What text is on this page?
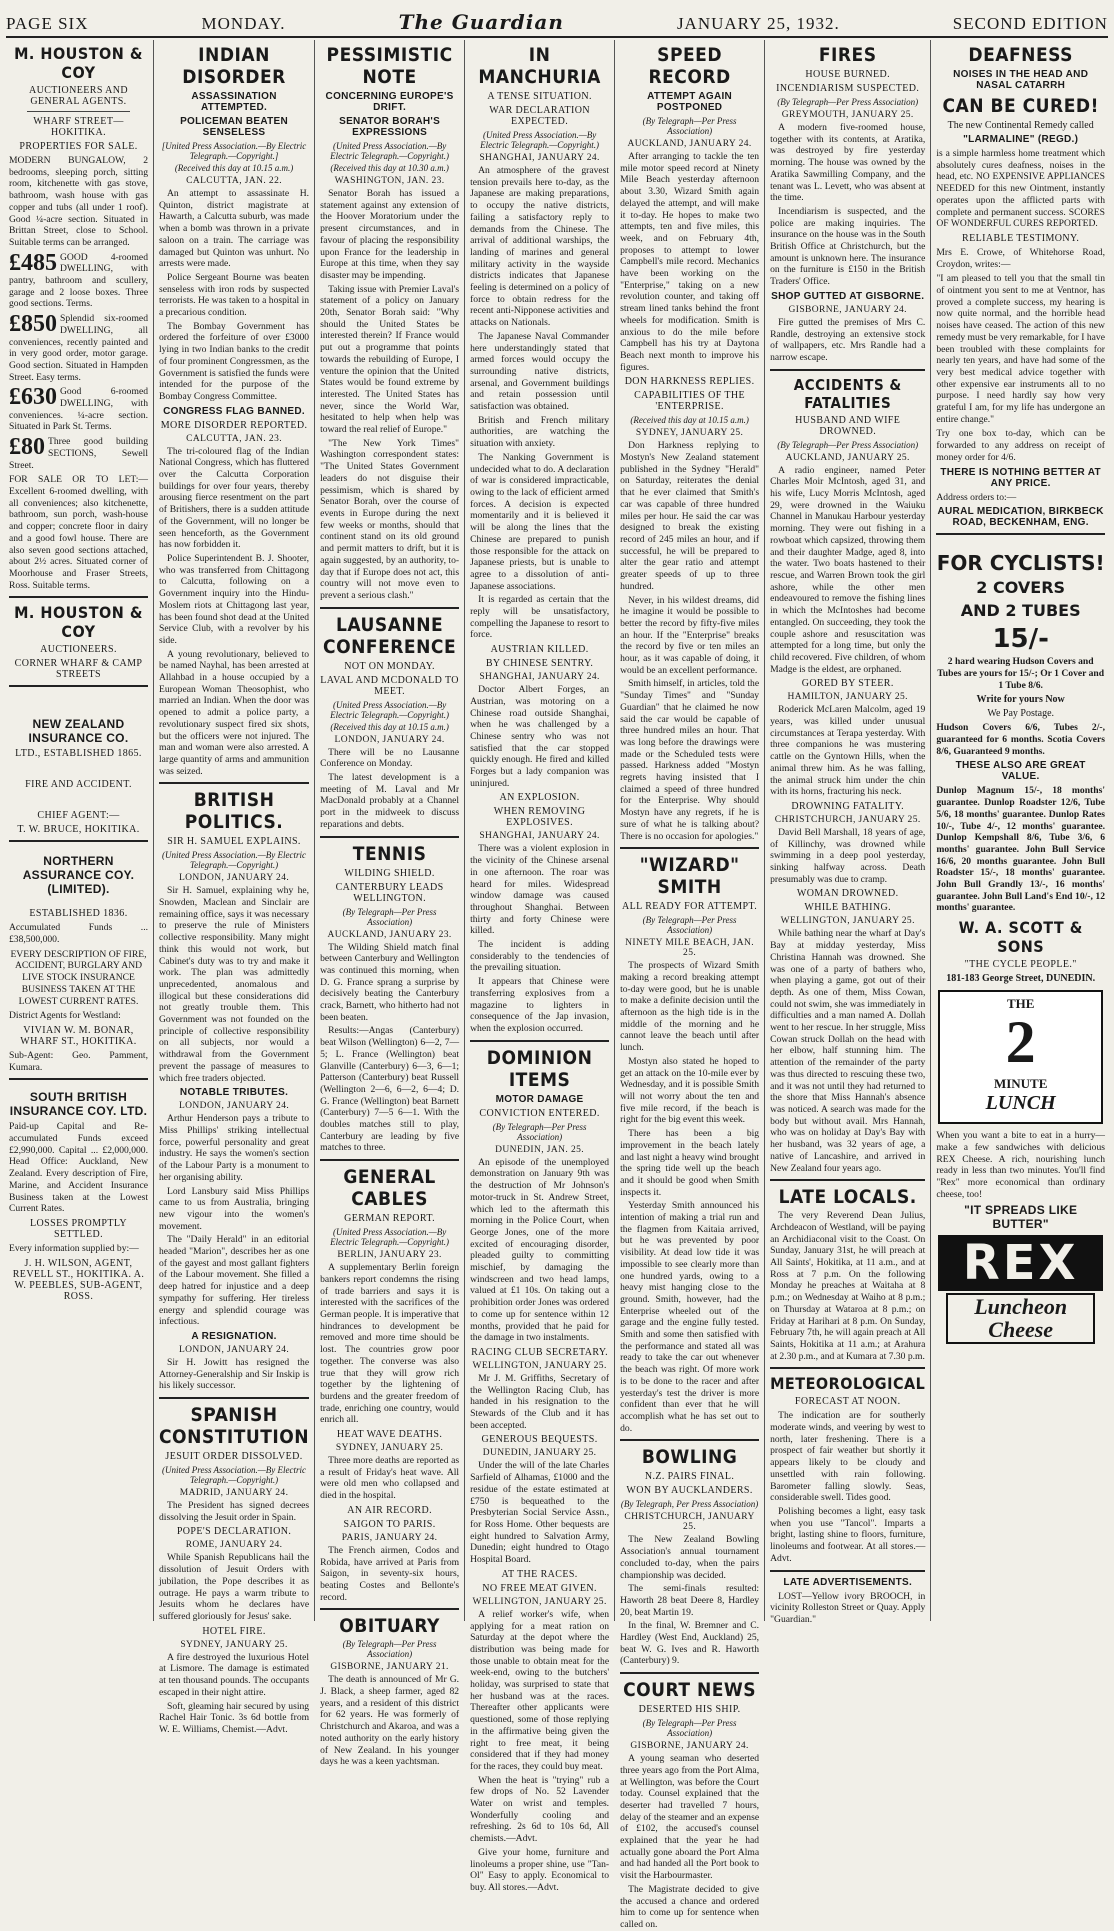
PAGE SIX	MONDAY.	The Guardian	JANUARY 25, 1932.	SECOND EDITION
M. HOUSTON & COY
AUCTIONEERS AND GENERAL AGENTS.
WHARF STREET—HOKITIKA.
PROPERTIES FOR SALE.
MODERN BUNGALOW, 2 bedrooms, sleeping porch, sitting room, kitchenette with gas stove, bathroom, wash house with gas copper and tubs (all under 1 roof). Good ¼-acre section. Situated in Brittan Street, close to School. Suitable terms can be arranged.
£485 GOOD 4-roomed DWELLING, with pantry, bathroom and scullery, garage and 2 loose boxes. Three good sections. Terms.
£850 Splendid six-roomed DWELLING, all conveniences, recently painted and in very good order, motor garage. Good section. Situated in Hampden Street. Easy terms.
£630 Good 6-roomed DWELLING, with conveniences. ¼-acre section. Situated in Park St. Terms.
£80 Three good building SECTIONS, Sewell Street.
FOR SALE OR TO LET:—Excellent 6-roomed dwelling, with all conveniences; also kitchenette, bathroom, sun porch, wash-house and copper; concrete floor in dairy and a good fowl house. There are also seven good sections attached, about 2½ acres. Situated corner of Moorhouse and Fraser Streets, Ross. Suitable terms.
M. HOUSTON & COY
AUCTIONEERS.
CORNER WHARF & CAMP STREETS
NEW ZEALAND INSURANCE CO.
LTD., ESTABLISHED 1865.
FIRE AND ACCIDENT.
CHIEF AGENT:—
T. W. BRUCE, HOKITIKA.
NORTHERN ASSURANCE COY. (LIMITED).
ESTABLISHED 1836.
Accumulated Funds ... £38,500,000.
EVERY DESCRIPTION OF FIRE, ACCIDENT, BURGLARY AND LIVE STOCK INSURANCE BUSINESS TAKEN AT THE LOWEST CURRENT RATES.
District Agents for Westland:
VIVIAN W. M. BONAR, WHARF ST., HOKITIKA.
Sub-Agent: Geo. Pamment, Kumara.
SOUTH BRITISH INSURANCE COY. LTD.
Paid-up Capital and Re-accumulated Funds exceed £2,990,000. Capital ... £2,000,000. Head Office: Auckland, New Zealand. Every description of Fire, Marine, and Accident Insurance Business taken at the Lowest Current Rates.
LOSSES PROMPTLY SETTLED.
Every information supplied by:—
J. H. WILSON, AGENT, REVELL ST., HOKITIKA. A. W. PEEBLES, SUB-AGENT, ROSS.
INDIAN DISORDER
ASSASSINATION ATTEMPTED.
POLICEMAN BEATEN SENSELESS
[United Press Association.—By Electric Telegraph.—Copyright.]
(Received this day at 10.15 a.m.)
CALCUTTA, JAN. 22.

An attempt to assassinate H. Quinton, district magistrate at Hawarth, a Calcutta suburb, was made when a bomb was thrown in a private saloon on a train. The carriage was damaged but Quinton was unhurt. No arrests were made.

Police Sergeant Bourne was beaten senseless with iron rods by suspected terrorists. He was taken to a hospital in a precarious condition.

The Bombay Government has ordered the forfeiture of over £3000 lying in two Indian banks to the credit of four prominent Congressmen, as the Government is satisfied the funds were intended for the purpose of the Bombay Congress Committee.

CONGRESS FLAG BANNED.
MORE DISORDER REPORTED.
CALCUTTA, JAN. 23.

The tri-coloured flag of the Indian National Congress, which has fluttered over the Calcutta Corporation buildings for over four years, thereby arousing fierce resentment on the part of Britishers, there is a sudden attitude of the Government, will no longer be seen henceforth, as the Government has now forbidden it.

Police Superintendent B. J. Shooter, who was transferred from Chittagong to Calcutta, following on a Government inquiry into the Hindu-Moslem riots at Chittagong last year, has been found shot dead at the United Service Club, with a revolver by his side.

A young revolutionary, believed to be named Nayhal, has been arrested at Allahbad in a house occupied by a European Woman Theosophist, who married an Indian. When the door was opened to admit a police party, a revolutionary suspect fired six shots, but the officers were not injured. The man and woman were also arrested. A large quantity of arms and ammunition was seized.

BRITISH POLITICS.
SIR H. SAMUEL EXPLAINS.
(United Press Association.—By Electric Telegraph.—Copyright.)
LONDON, JANUARY 24.

Sir H. Samuel, explaining why he, Snowden, Maclean and Sinclair are remaining office, says it was necessary to preserve the rule of Ministers collective responsibility. Many might think this would not work, but Cabinet's duty was to try and make it work. The plan was admittedly unprecedented, anomalous and illogical but these considerations did not greatly trouble them. This Government was not founded on the principle of collective responsibility on all subjects, nor would a withdrawal from the Government prevent the passage of measures to which free traders objected.

NOTABLE TRIBUTES.
LONDON, JANUARY 24.

Arthur Henderson pays a tribute to Miss Phillips' striking intellectual force, powerful personality and great industry. He says the women's section of the Labour Party is a monument to her organising ability.

Lord Lansbury said Miss Phillips came to us from Australia, bringing new vigour into the women's movement.

The "Daily Herald" in an editorial headed "Marion", describes her as one of the gayest and most gallant fighters of the Labour movement. She filled a deep hatred for injustice and a deep sympathy for suffering. Her tireless energy and splendid courage was infectious.

A RESIGNATION.
LONDON, JANUARY 24.

Sir H. Jowitt has resigned the Attorney-Generalship and Sir Inskip is his likely successor.

SPANISH CONSTITUTION
JESUIT ORDER DISSOLVED.
(United Press Association.—By Electric Telegraph.—Copyright.)
MADRID, JANUARY 24.

The President has signed decrees dissolving the Jesuit order in Spain.

POPE'S DECLARATION.
ROME, JANUARY 24.

While Spanish Republicans hail the dissolution of Jesuit Orders with jubilation, the Pope describes it as outrage. He pays a warm tribute to Jesuits whom he declares have suffered gloriously for Jesus' sake.

HOTEL FIRE.
SYDNEY, JANUARY 25.

A fire destroyed the luxurious Hotel at Lismore. The damage is estimated at ten thousand pounds. The occupants escaped in their night attire.

Soft, gleaming hair secured by using Rachel Hair Tonic. 3s 6d bottle from W. E. Williams, Chemist.—Advt.

PESSIMISTIC NOTE
CONCERNING EUROPE'S DRIFT.
SENATOR BORAH'S EXPRESSIONS
(United Press Association.—By Electric Telegraph.—Copyright.)
(Received this day at 10.30 a.m.)
WASHINGTON, JAN. 23.

Senator Borah has issued a statement against any extension of the Hoover Moratorium under the present circumstances, and in favour of placing the responsibility upon France for the leadership in Europe at this time, when they say disaster may be impending.

Taking issue with Premier Laval's statement of a policy on January 20th, Senator Borah said: "Why should the United States be interested therein? If France would put out a programme that points towards the rebuilding of Europe, I venture the opinion that the United States would be found extreme by interested. The United States has never, since the World War, hesitated to help when help was toward the real relief of Europe."

"The New York Times" Washington correspondent states: "The United States Government leaders do not disguise their pessimism, which is shared by Senator Borah, over the course of events in Europe during the next few weeks or months, should that continent stand on its old ground and permit matters to drift, but it is again suggested, by an authority, to-day that if Europe does not act, this country will not move even to prevent a serious clash."

LAUSANNE CONFERENCE
NOT ON MONDAY.
LAVAL AND MCDONALD TO MEET.
(United Press Association.—By Electric Telegraph.—Copyright.)
(Received this day at 10.15 a.m.)
LONDON, JANUARY 24.

There will be no Lausanne Conference on Monday.

The latest development is a meeting of M. Laval and Mr MacDonald probably at a Channel port in the midweek to discuss reparations and debts.

TENNIS
WILDING SHIELD.
CANTERBURY LEADS WELLINGTON.
(By Telegraph—Per Press Association)
AUCKLAND, JANUARY 23.

The Wilding Shield match final between Canterbury and Wellington was continued this morning, when D. G. France sprang a surprise by decisively beating the Canterbury crack, Barnett, who hitherto had not been beaten.

Results:—Angas (Canterbury) beat Wilson (Wellington) 6—2, 7—5; L. France (Wellington) beat Glanville (Canterbury) 6—3, 6—1; Patterson (Canterbury) beat Russell (Wellington 2—6, 6—2, 6—4; D. G. France (Wellington) beat Barnett (Canterbury) 7—5 6—1. With the doubles matches still to play, Canterbury are leading by five matches to three.

GENERAL CABLES
GERMAN REPORT.
(United Press Association.—By Electric Telegraph.—Copyright.)
BERLIN, JANUARY 23.

A supplementary Berlin foreign bankers report condemns the rising of trade barriers and says it is interested with the sacrifices of the German people. It is imperative that hindrances to development be removed and more time should be lost. The countries grow poor together. The converse was also true that they will grow rich together by the lightening of burdens and the greater freedom of trade, enriching one country, would enrich all.

HEAT WAVE DEATHS.
SYDNEY, JANUARY 25.

Three more deaths are reported as a result of Friday's heat wave. All were old men who collapsed and died in the hospital.

AN AIR RECORD.
SAIGON TO PARIS.
PARIS, JANUARY 24.

The French airmen, Codos and Robida, have arrived at Paris from Saigon, in seventy-six hours, beating Costes and Bellonte's record.

OBITUARY
(By Telegraph—Per Press Association)
GISBORNE, JANUARY 21.

The death is announced of Mr G. J. Black, a sheep farmer, aged 82 years, and a resident of this district for 62 years. He was formerly of Christchurch and Akaroa, and was a noted authority on the early history of New Zealand. In his younger days he was a keen yachtsman.

IN MANCHURIA
A TENSE SITUATION.
WAR DECLARATION EXPECTED.
(United Press Association.—By Electric Telegraph.—Copyright.)
SHANGHAI, JANUARY 24.

An atmosphere of the gravest tension prevails here to-day, as the Japanese are making preparations, to occupy the native districts, failing a satisfactory reply to demands from the Chinese. The arrival of additional warships, the landing of marines and general military activity in the wayside districts indicates that Japanese feeling is determined on a policy of force to obtain redress for the recent anti-Nipponese activities and attacks on Nationals.

The Japanese Naval Commander here understandingly stated that armed forces would occupy the surrounding native districts, arsenal, and Government buildings and retain possession until satisfaction was obtained.

British and French military authorities, are watching the situation with anxiety.

The Nanking Government is undecided what to do. A declaration of war is considered impracticable, owing to the lack of efficient armed forces. A decision is expected momentarily and it is believed it will be along the lines that the Chinese are prepared to punish those responsible for the attack on Japanese priests, but is unable to agree to a dissolution of anti-Japanese associations.

It is regarded as certain that the reply will be unsatisfactory, compelling the Japanese to resort to force.

AUSTRIAN KILLED.
BY CHINESE SENTRY.
SHANGHAI, JANUARY 24.

Doctor Albert Forges, an Austrian, was motoring on a Chinese road outside Shanghai, when he was challenged by a Chinese sentry who was not satisfied that the car stopped quickly enough. He fired and killed Forges but a lady companion was uninjured.

AN EXPLOSION.
WHEN REMOVING EXPLOSIVES.
SHANGHAI, JANUARY 24.

There was a violent explosion in the vicinity of the Chinese arsenal in one afternoon. The roar was heard for miles. Widespread window damage was caused throughout Shanghai. Between thirty and forty Chinese were killed.

The incident is adding considerably to the tendencies of the prevailing situation.

It appears that Chinese were transferring explosives from a magazine to lighters in consequence of the Jap invasion, when the explosion occurred.

DOMINION ITEMS
MOTOR DAMAGE
CONVICTION ENTERED.
(By Telegraph—Per Press Association)
DUNEDIN, JAN. 25.

An episode of the unemployed demonstration on January 9th was the destruction of Mr Johnson's motor-truck in St. Andrew Street, which led to the aftermath this morning in the Police Court, when George Jones, one of the more excited of encouraging disorder, pleaded guilty to committing mischief, by damaging the windscreen and two head lamps, valued at £1 10s. On taking out a prohibition order Jones was ordered to come up for sentence within 12 months, provided that he paid for the damage in two instalments.

RACING CLUB SECRETARY.
WELLINGTON, JANUARY 25.

Mr J. M. Griffiths, Secretary of the Wellington Racing Club, has handed in his resignation to the Stewards of the Club and it has been accepted.

GENEROUS BEQUESTS.
DUNEDIN, JANUARY 25.

Under the will of the late Charles Sarfield of Alhamas, £1000 and the residue of the estate estimated at £750 is bequeathed to the Presbyterian Social Service Assn., for Ross Home. Other bequests are eight hundred to Salvation Army, Dunedin; eight hundred to Otago Hospital Board.

AT THE RACES.
NO FREE MEAT GIVEN.
WELLINGTON, JANUARY 25.

A relief worker's wife, when applying for a meat ration on Saturday at the depot where the distribution was being made for those unable to obtain meat for the week-end, owing to the butchers' holiday, was surprised to state that her husband was at the races. Thereafter other applicants were questioned, some of those replying in the affirmative being given the right to free meat, it being considered that if they had money for the races, they could buy meat.

When the heat is "trying" rub a few drops of No. 52 Lavender Water on wrist and temples. Wonderfully cooling and refreshing. 2s 6d to 10s 6d, All chemists.—Advt.

Give your home, furniture and linoleums a proper shine, use "Tan-Ol" Easy to apply. Economical to buy. All stores.—Advt.

SPEED RECORD
ATTEMPT AGAIN POSTPONED
(By Telegraph—Per Press Association)
AUCKLAND, JANUARY 24.

After arranging to tackle the ten mile motor speed record at Ninety Mile Beach yesterday afternoon about 3.30, Wizard Smith again delayed the attempt, and will make it to-day. He hopes to make two attempts, ten and five miles, this week, and on February 4th, proposes to attempt to lower Campbell's mile record. Mechanics have been working on the "Enterprise," taking on a new revolution counter, and taking off stream lined tanks behind the front wheels for modification. Smith is anxious to do the mile before Campbell has his try at Daytona Beach next month to improve his figures.

DON HARKNESS REPLIES.
CAPABILITIES OF THE 'ENTERPRISE.
(Received this day at 10.15 a.m.)
SYDNEY, JANUARY 25.

Don Harkness replying to Mostyn's New Zealand statement published in the Sydney "Herald" on Saturday, reiterates the denial that he ever claimed that Smith's car was capable of three hundred miles per hour. He said the car was designed to break the existing record of 245 miles an hour, and if successful, he will be prepared to alter the gear ratio and attempt greater speeds of up to three hundred.

Never, in his wildest dreams, did he imagine it would be possible to better the record by fifty-five miles an hour. If the "Enterprise" breaks the record by five or ten miles an hour, as it was capable of doing, it would be an excellent performance.

Smith himself, in articles, told the "Sunday Times" and "Sunday Guardian" that he claimed he now said the car would be capable of three hundred miles an hour. That was long before the drawings were made or the Scheduled tests were passed. Harkness added "Mostyn regrets having insisted that I claimed a speed of three hundred for the Enterprise. Why should Mostyn have any regrets, if he is sure of what he is talking about? There is no occasion for apologies."

"WIZARD" SMITH
ALL READY FOR ATTEMPT.
(By Telegraph—Per Press Association)
NINETY MILE BEACH, JAN. 25.

The prospects of Wizard Smith making a record breaking attempt to-day were good, but he is unable to make a definite decision until the afternoon as the high tide is in the middle of the morning and he cannot leave the beach until after lunch.

Mostyn also stated he hoped to get an attack on the 10-mile ever by Wednesday, and it is possible Smith will not worry about the ten and five mile record, if the beach is right for the big event this week.

There has been a big improvement in the beach lately and last night a heavy wind brought the spring tide well up the beach and it should be good when Smith inspects it.

Yesterday Smith announced his intention of making a trial run and the flagmen from Kaitaia arrived, but he was prevented by poor visibility. At dead low tide it was impossible to see clearly more than one hundred yards, owing to a heavy mist hanging close to the ground. Smith, however, had the Enterprise wheeled out of the garage and the engine fully tested. Smith and some then satisfied with the performance and stated all was ready to take the car out whenever the beach was right. Of more work is to be done to the racer and after yesterday's test the driver is more confident than ever that he will accomplish what he has set out to do.

BOWLING
N.Z. PAIRS FINAL.
WON BY AUCKLANDERS.
(By Telegraph, Per Press Association)
CHRISTCHURCH, JANUARY 25.

The New Zealand Bowling Association's annual tournament concluded to-day, when the pairs championship was decided.

The semi-finals resulted: Haworth 28 beat Deere 8, Hardley 20, beat Martin 19.

In the final, W. Bremner and C. Hardley (West End, Auckland) 25, beat W. G. Ives and R. Haworth (Canterbury) 9.

COURT NEWS
DESERTED HIS SHIP.
(By Telegraph—Per Press Association)
GISBORNE, JANUARY 24.

A young seaman who deserted three years ago from the Port Alma, at Wellington, was before the Court today. Counsel explained that the deserter had travelled 7 hours, delay of the steamer and an expense of £102, the accused's counsel explained that the year he had actually gone aboard the Port Alma and had handed all the Port book to visit the Harbourmaster.

The Magistrate decided to give the accused a chance and ordered him to come up for sentence when called on.

FIRES
HOUSE BURNED.
INCENDIARISM SUSPECTED.
(By Telegraph—Per Press Association)
GREYMOUTH, JANUARY 25.

A modern five-roomed house, together with its contents, at Aratika, was destroyed by fire yesterday morning. The house was owned by the Aratika Sawmilling Company, and the tenant was L. Levett, who was absent at the time.

Incendiarism is suspected, and the police are making inquiries. The insurance on the house was in the South British Office at Christchurch, but the amount is unknown here. The insurance on the furniture is £150 in the British Traders' Office.

SHOP GUTTED AT GISBORNE.
GISBORNE, JANUARY 24.

Fire gutted the premises of Mrs C. Randle, destroying an extensive stock of wallpapers, etc. Mrs Randle had a narrow escape.

ACCIDENTS & FATALITIES
HUSBAND AND WIFE DROWNED.
(By Telegraph—Per Press Association)
AUCKLAND, JANUARY 25.

A radio engineer, named Peter Charles Moir McIntosh, aged 31, and his wife, Lucy Morris McIntosh, aged 29, were drowned in the Waiuku Channel in Manukau Harbour yesterday morning. They were out fishing in a rowboat which capsized, throwing them and their daughter Madge, aged 8, into the water. Two boats hastened to their rescue, and Warren Brown took the girl ashore, while the other men endeavoured to remove the fishing lines in which the McIntoshes had become entangled. On succeeding, they took the couple ashore and resuscitation was attempted for a long time, but only the child recovered. Five children, of whom Madge is the eldest, are orphaned.

GORED BY STEER.
HAMILTON, JANUARY 25.

Roderick McLaren Malcolm, aged 19 years, was killed under unusual circumstances at Terapa yesterday. With three companions he was mustering cattle on the Gyntown Hills, when the animal threw him. As he was falling, the animal struck him under the chin with its horns, fracturing his neck.

DROWNING FATALITY.
CHRISTCHURCH, JANUARY 25.

David Bell Marshall, 18 years of age, of Killinchy, was drowned while swimming in a deep pool yesterday, sinking halfway across. Death presumably was due to cramp.

WOMAN DROWNED.
WHILE BATHING.
WELLINGTON, JANUARY 25.

While bathing near the wharf at Day's Bay at midday yesterday, Miss Christina Hannah was drowned. She was one of a party of bathers who, when playing a game, got out of their depth. As one of them, Miss Cowan, could not swim, she was immediately in difficulties and a man named A. Dollah went to her rescue. In her struggle, Miss Cowan struck Dollah on the head with her elbow, half stunning him. The attention of the remainder of the party was thus directed to rescuing these two, and it was not until they had returned to the shore that Miss Hannah's absence was noticed. A search was made for the body but without avail. Mrs Hannah, who was on holiday at Day's Bay with her husband, was 32 years of age, a native of Lancashire, and arrived in New Zealand four years ago.

LATE LOCALS.

The very Reverend Dean Julius, Archdeacon of Westland, will be paying an Archidiaconal visit to the Coast. On Sunday, January 31st, he will preach at All Saints', Hokitika, at 11 a.m., and at Ross at 7 p.m. On the following Monday he preaches at Waitaha at 8 p.m.; on Wednesday at Waiho at 8 p.m.; on Thursday at Wataroa at 8 p.m.; on Friday at Harihari at 8 p.m. On Sunday, February 7th, he will again preach at All Saints, Hokitika at 11 a.m.; at Arahura at 2.30 p.m., and at Kumara at 7.30 p.m.

METEOROLOGICAL
FORECAST AT NOON.

The indication are for southerly moderate winds, and veering by west to north, later freshening. There is a prospect of fair weather but shortly it appears likely to be cloudy and unsettled with rain following. Barometer falling slowly. Seas, considerable swell. Tides good.

Polishing becomes a light, easy task when you use "Tancol". Imparts a bright, lasting shine to floors, furniture, linoleums and footwear. At all stores.—Advt.

LATE ADVERTISEMENTS.

LOST—Yellow ivory BROOCH, in vicinity Rolleston Street or Quay. Apply "Guardian."

DEAFNESS
NOISES IN THE HEAD AND NASAL CATARRH
CAN BE CURED!
The new Continental Remedy called
"LARMALINE" (REGD.)
is a simple harmless home treatment which absolutely cures deafness, noises in the head, etc. NO EXPENSIVE APPLIANCES NEEDED for this new Ointment, instantly operates upon the afflicted parts with complete and permanent success. SCORES OF WONDERFUL CURES REPORTED.
RELIABLE TESTIMONY.
Mrs E. Crowe, of Whitehorse Road, Croydon, writes:—
"I am pleased to tell you that the small tin of ointment you sent to me at Ventnor, has proved a complete success, my hearing is now quite normal, and the horrible head noises have ceased. The action of this new remedy must be very remarkable, for I have been troubled with these complaints for nearly ten years, and have had some of the very best medical advice together with other expensive ear instruments all to no purpose. I need hardly say how very grateful I am, for my life has undergone an entire change."
Try one box to-day, which can be forwarded to any address on receipt of money order for 4/6.
THERE IS NOTHING BETTER AT ANY PRICE.
Address orders to:—
AURAL MEDICATION, BIRKBECK ROAD, BECKENHAM, ENG.
FOR CYCLISTS!
2 COVERS
AND 2 TUBES
15/-
2 hard wearing Hudson Covers and Tubes are yours for 15/-; Or 1 Cover and 1 Tube 8/6.
Write for yours Now
We Pay Postage.
Hudson Covers 6/6, Tubes 2/-, guaranteed for 6 months. Scotia Covers 8/6, Guaranteed 9 months.
THESE ALSO ARE GREAT VALUE.
Dunlop Magnum 15/-, 18 months' guarantee. Dunlop Roadster 12/6, Tube 5/6, 18 months' guarantee. Dunlop Rates 10/-, Tube 4/-, 12 months' guarantee. Dunlop Kempshall 8/6, Tube 3/6, 6 months' guarantee. John Bull Service 16/6, 20 months guarantee. John Bull Roadster 15/-, 18 months' guarantee. John Bull Grandly 13/-, 16 months' guarantee. John Bull Land's End 10/-, 12 months' guarantee.
W. A. SCOTT & SONS
"THE CYCLE PEOPLE."
181-183 George Street, DUNEDIN.
THE
2
MINUTE
LUNCH
When you want a bite to eat in a hurry—make a few sandwiches with delicious REX Cheese. A rich, nourishing lunch ready in less than two minutes. You'll find "Rex" more economical than ordinary cheese, too!
"IT SPREADS LIKE BUTTER"
REX
Luncheon Cheese
